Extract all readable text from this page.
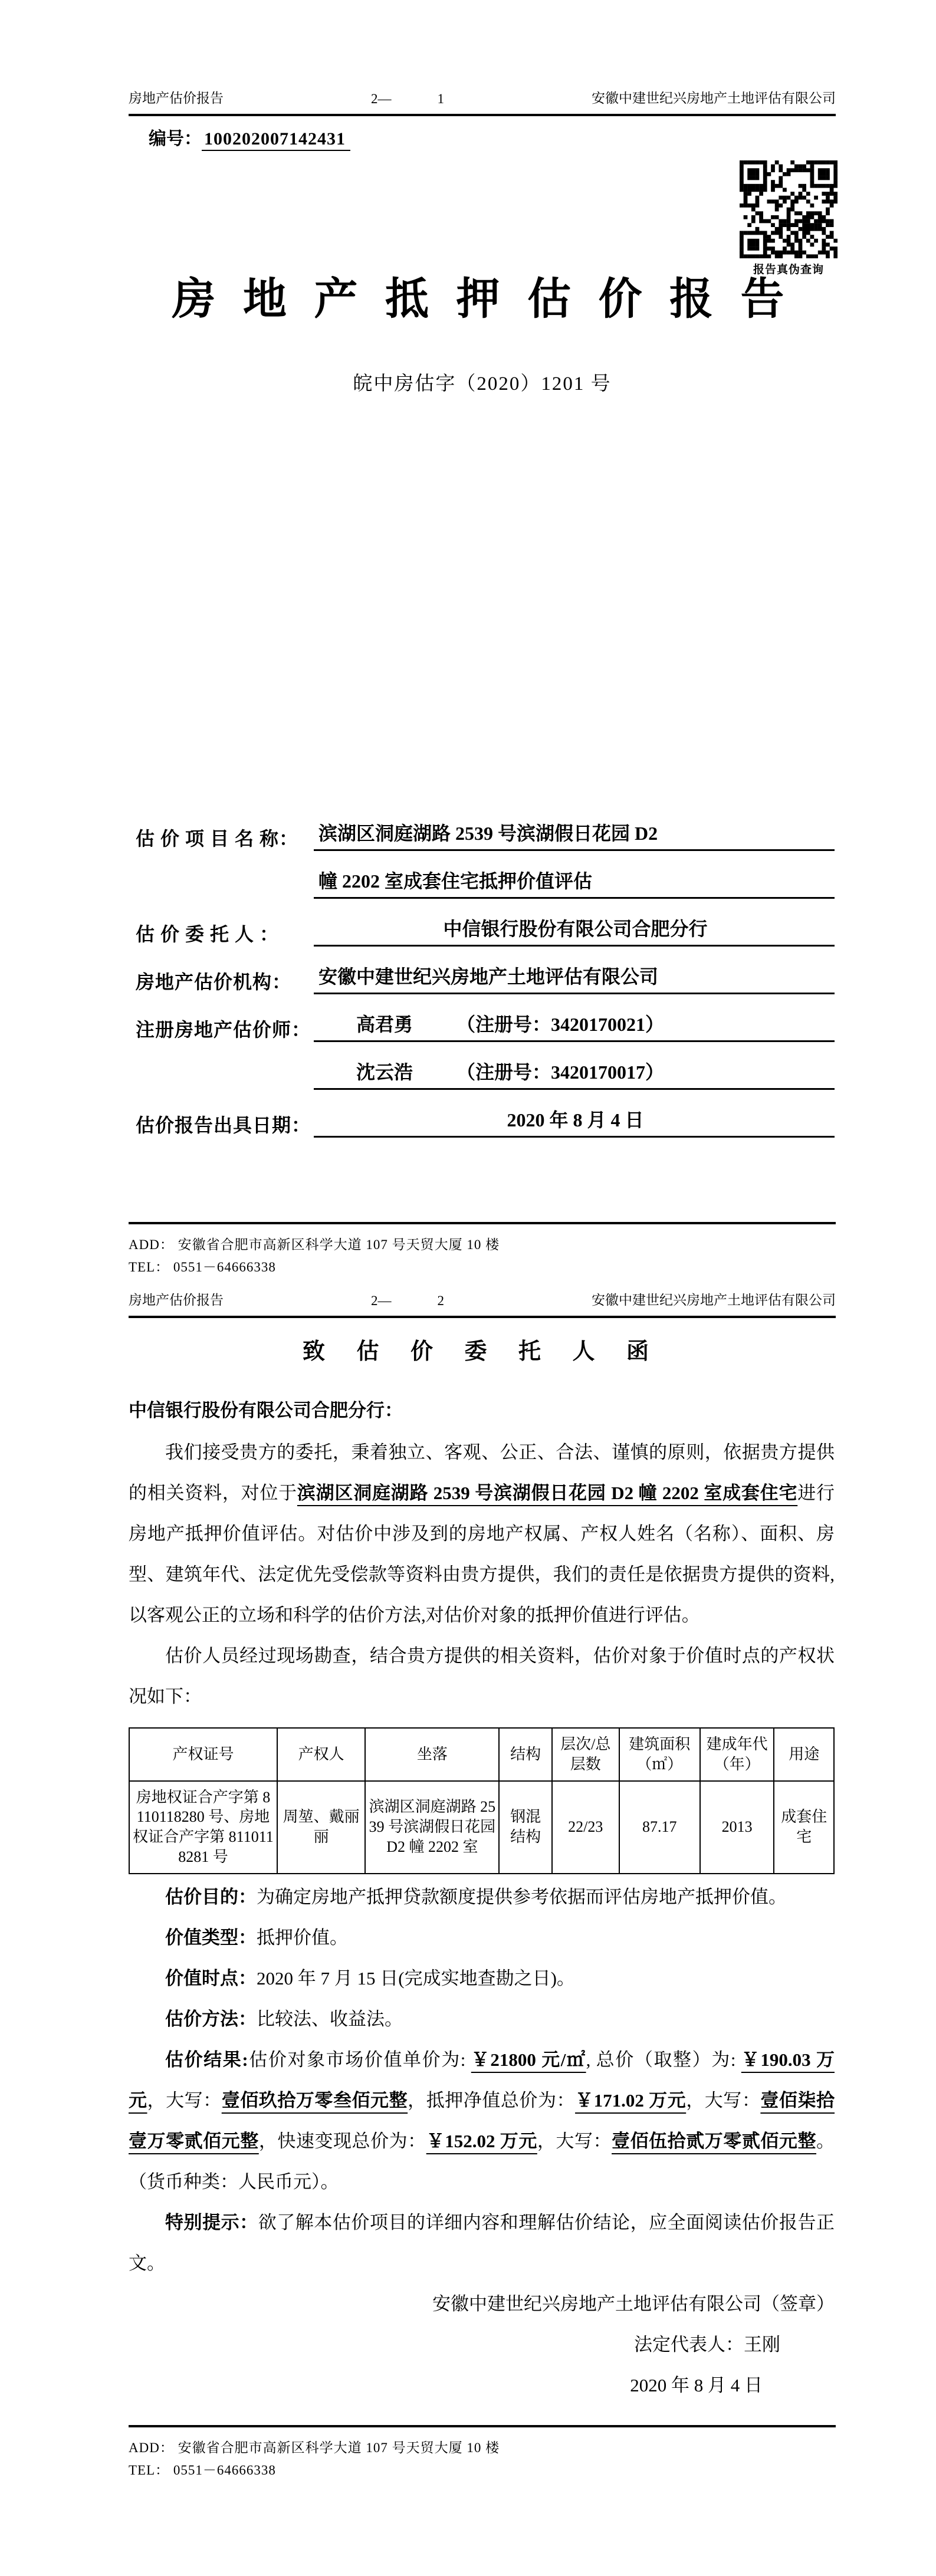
房地产估价报告	2—	1	安徽中建世纪兴房地产土地评估有限公司
编号： 100202007142431
报告真伪查询
房 地 产 抵 押 估 价 报 告
皖中房估字（2020）1201 号
估 价 项 目 名 称：	滨湖区洞庭湖路 2539 号滨湖假日花园 D2
幢 2202 室成套住宅抵押价值评估
估 价 委 托 人 ：	中信银行股份有限公司合肥分行
房地产估价机构：	安徽中建世纪兴房地产土地评估有限公司
注册房地产估价师：	高君勇 （注册号：3420170021）
沈云浩 （注册号：3420170017）
估价报告出具日期：	2020 年 8 月 4 日
ADD： 安徽省合肥市高新区科学大道 107 号天贸大厦 10 楼
TEL： 0551－64666338
房地产估价报告	2—	2	安徽中建世纪兴房地产土地评估有限公司
致 估 价 委 托 人 函
中信银行股份有限公司合肥分行：

我们接受贵方的委托，秉着独立、客观、公正、合法、谨慎的原则，依据贵方提供的相关资料，对位于滨湖区洞庭湖路 2539 号滨湖假日花园 D2 幢 2202 室成套住宅进行房地产抵押价值评估。对估价中涉及到的房地产权属、产权人姓名（名称）、面积、房型、建筑年代、法定优先受偿款等资料由贵方提供，我们的责任是依据贵方提供的资料,以客观公正的立场和科学的估价方法,对估价对象的抵押价值进行评估。

估价人员经过现场勘查，结合贵方提供的相关资料，估价对象于价值时点的产权状况如下：

产权证号	产权人	坐落	结构	层次/总层数	建筑面积（㎡）	建成年代（年）	用途
房地权证合产字第 8110118280 号、房地权证合产字第 8110118281 号	周堃、戴丽丽	滨湖区洞庭湖路 2539 号滨湖假日花园 D2 幢 2202 室	钢混结构	22/23	87.17	2013	成套住宅

估价目的：为确定房地产抵押贷款额度提供参考依据而评估房地产抵押价值。

价值类型：抵押价值。

价值时点：2020 年 7 月 15 日(完成实地查勘之日)。

估价方法：比较法、收益法。

估价结果:估价对象市场价值单价为: ￥21800 元/㎡, 总价（取整）为: ￥190.03 万元，大写：壹佰玖拾万零叁佰元整，抵押净值总价为：￥171.02 万元，大写：壹佰柒拾壹万零贰佰元整，快速变现总价为：￥152.02 万元，大写：壹佰伍拾贰万零贰佰元整。（货币种类：人民币元）。

特别提示：欲了解本估价项目的详细内容和理解估价结论，应全面阅读估价报告正文。

安徽中建世纪兴房地产土地评估有限公司（签章）
法定代表人：王刚
2020 年 8 月 4 日
ADD： 安徽省合肥市高新区科学大道 107 号天贸大厦 10 楼
TEL： 0551－64666338
